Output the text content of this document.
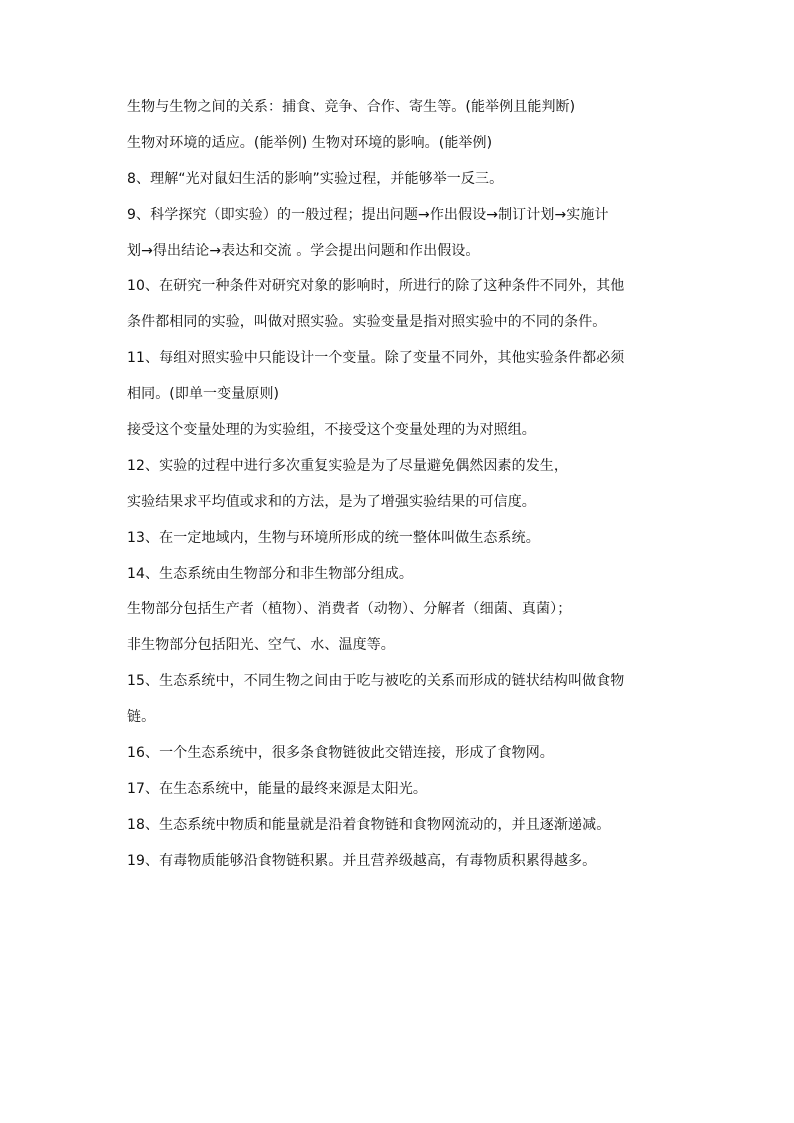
生物与生物之间的关系：捕食、竞争、合作、寄生等。(能举例且能判断)
生物对环境的适应。(能举例) 生物对环境的影响。(能举例)
8、理解“光对鼠妇生活的影响”实验过程，并能够举一反三。
9、科学探究（即实验）的一般过程；提出问题→作出假设→制订计划→实施计
划→得出结论→表达和交流 。学会提出问题和作出假设。
10、在研究一种条件对研究对象的影响时，所进行的除了这种条件不同外，其他
条件都相同的实验，叫做对照实验。实验变量是指对照实验中的不同的条件。
11、每组对照实验中只能设计一个变量。除了变量不同外，其他实验条件都必须
相同。(即单一变量原则)
接受这个变量处理的为实验组，不接受这个变量处理的为对照组。
12、实验的过程中进行多次重复实验是为了尽量避免偶然因素的发生，
实验结果求平均值或求和的方法，是为了增强实验结果的可信度。
13、在一定地域内，生物与环境所形成的统一整体叫做生态系统。
14、生态系统由生物部分和非生物部分组成。
生物部分包括生产者（植物）、消费者（动物）、分解者（细菌、真菌）；
非生物部分包括阳光、空气、水、温度等。
15、生态系统中，不同生物之间由于吃与被吃的关系而形成的链状结构叫做食物
链。
16、一个生态系统中，很多条食物链彼此交错连接，形成了食物网。
17、在生态系统中，能量的最终来源是太阳光。
18、生态系统中物质和能量就是沿着食物链和食物网流动的，并且逐渐递减。
19、有毒物质能够沿食物链积累。并且营养级越高，有毒物质积累得越多。
